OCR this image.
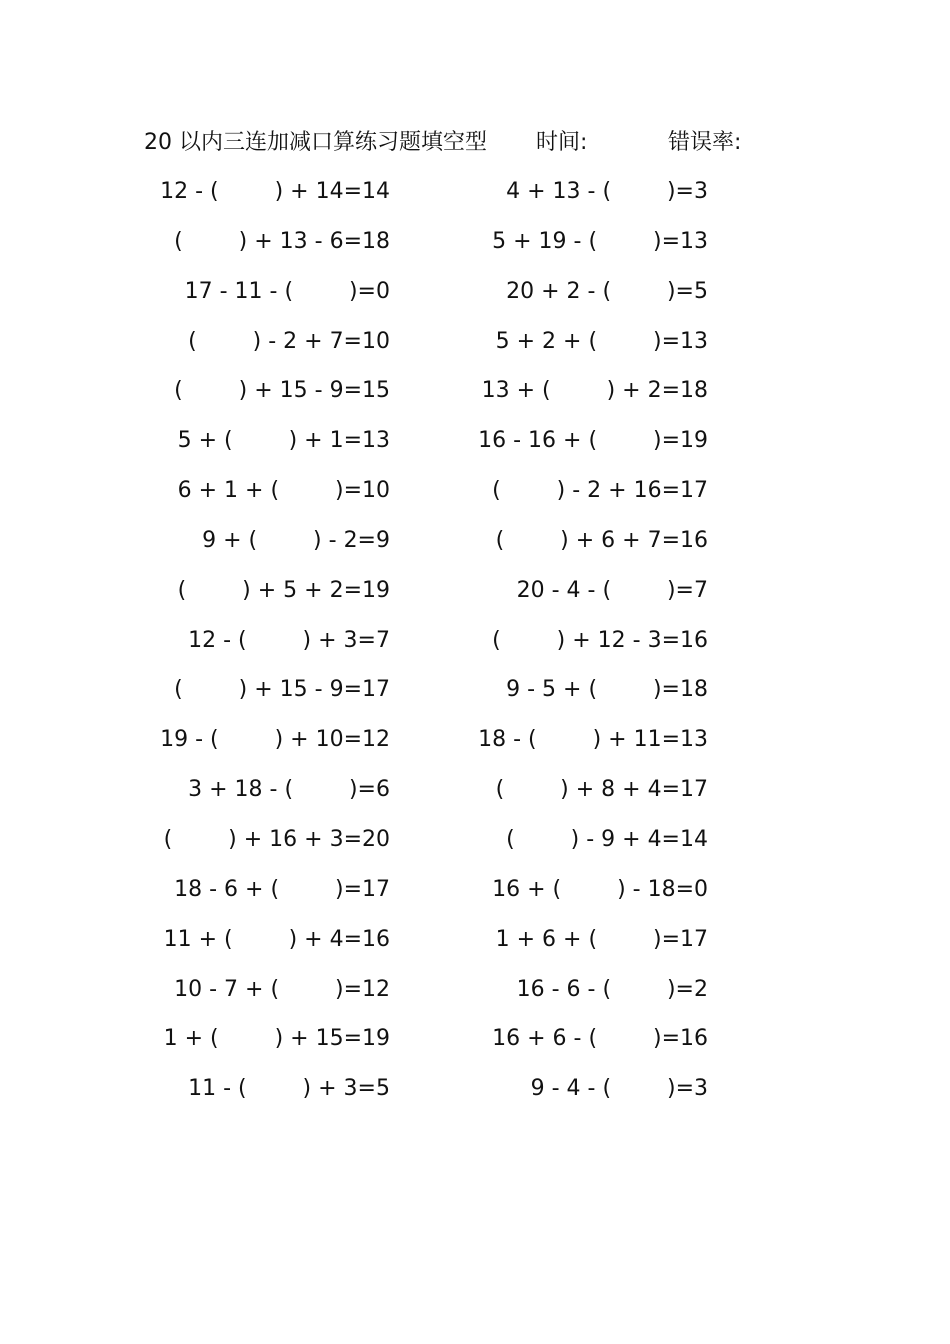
20 以内三连加减口算练习题填空型 时间:	错误率:
12 - (        ) + 14=14
(        ) + 13 - 6=18
17 - 11 - (        )=0
(        ) - 2 + 7=10
(        ) + 15 - 9=15
5 + (        ) + 1=13
6 + 1 + (        )=10
9 + (        ) - 2=9
(        ) + 5 + 2=19
12 - (        ) + 3=7
(        ) + 15 - 9=17
19 - (        ) + 10=12
3 + 18 - (        )=6
(        ) + 16 + 3=20
18 - 6 + (        )=17
11 + (        ) + 4=16
10 - 7 + (        )=12
1 + (        ) + 15=19
11 - (        ) + 3=5
4 + 13 - (        )=3
5 + 19 - (        )=13
20 + 2 - (        )=5
5 + 2 + (        )=13
13 + (        ) + 2=18
16 - 16 + (        )=19
(        ) - 2 + 16=17
(        ) + 6 + 7=16
20 - 4 - (        )=7
(        ) + 12 - 3=16
9 - 5 + (        )=18
18 - (        ) + 11=13
(        ) + 8 + 4=17
(        ) - 9 + 4=14
16 + (        ) - 18=0
1 + 6 + (        )=17
16 - 6 - (        )=2
16 + 6 - (        )=16
9 - 4 - (        )=3
